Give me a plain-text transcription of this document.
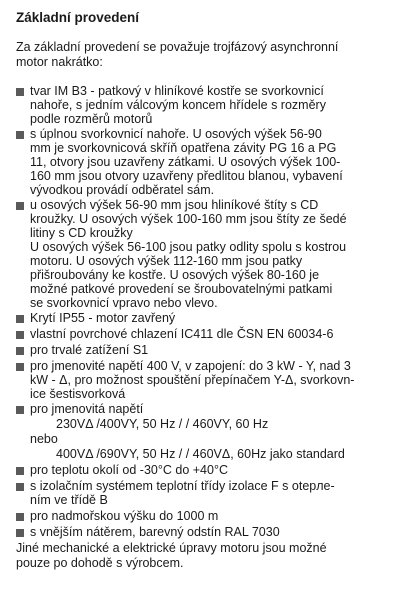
Základní provedení
Za základní provedení se považuje trojfázový asynchronní
motor nakrátko:
tvar IM B3 - patkový v hliníkové kostře se svorkovnicí
nahoře, s jedním válcovým koncem hřídele s rozměry
podle rozměrů motorů
s úplnou svorkovnicí nahoře. U osových výšek 56-90
mm je svorkovnicová skříň opatřena závity PG 16 a PG
11, otvory jsou uzavřeny zátkami. U osových výšek 100-
160 mm jsou otvory uzavřeny předlitou blanou, vybavení
vývodkou provádí odběratel sám.
u osových výšek 56-90 mm jsou hliníkové štíty s CD
kroužky. U osových výšek 100-160 mm jsou štíty ze šedé
litiny s CD kroužky
U osových výšek 56-100 jsou patky odlity spolu s kostrou
motoru. U osových výšek 112-160 mm jsou patky
přišroubovány ke kostře. U osových výšek 80-160 je
možné patkové provedení se šroubovatelnými patkami
se svorkovnicí vpravo nebo vlevo.
Krytí IP55 - motor zavřený
vlastní povrchové chlazení IC411 dle ČSN EN 60034-6
pro trvalé zatížení S1
pro jmenovité napětí 400 V, v zapojení: do 3 kW - Y, nad 3
kW - Δ, pro možnost spouštění přepínačem Y-Δ, svorkovn-
ice šestisvorková
pro jmenovitá napětí
230VΔ /400VY, 50 Hz / / 460VY, 60 Hz
nebo
400VΔ /690VY, 50 Hz / / 460VΔ, 60Hz jako standard
pro teplotu okolí od -30°C do +40°C
s izolačním systémem teplotní třídy izolace F s otepле-
ním ve třídě B
pro nadmořskou výšku do 1000 m
s vnějším nátěrem, barevný odstín RAL 7030
Jiné mechanické a elektrické úpravy motoru jsou možné
pouze po dohodě s výrobcem.
